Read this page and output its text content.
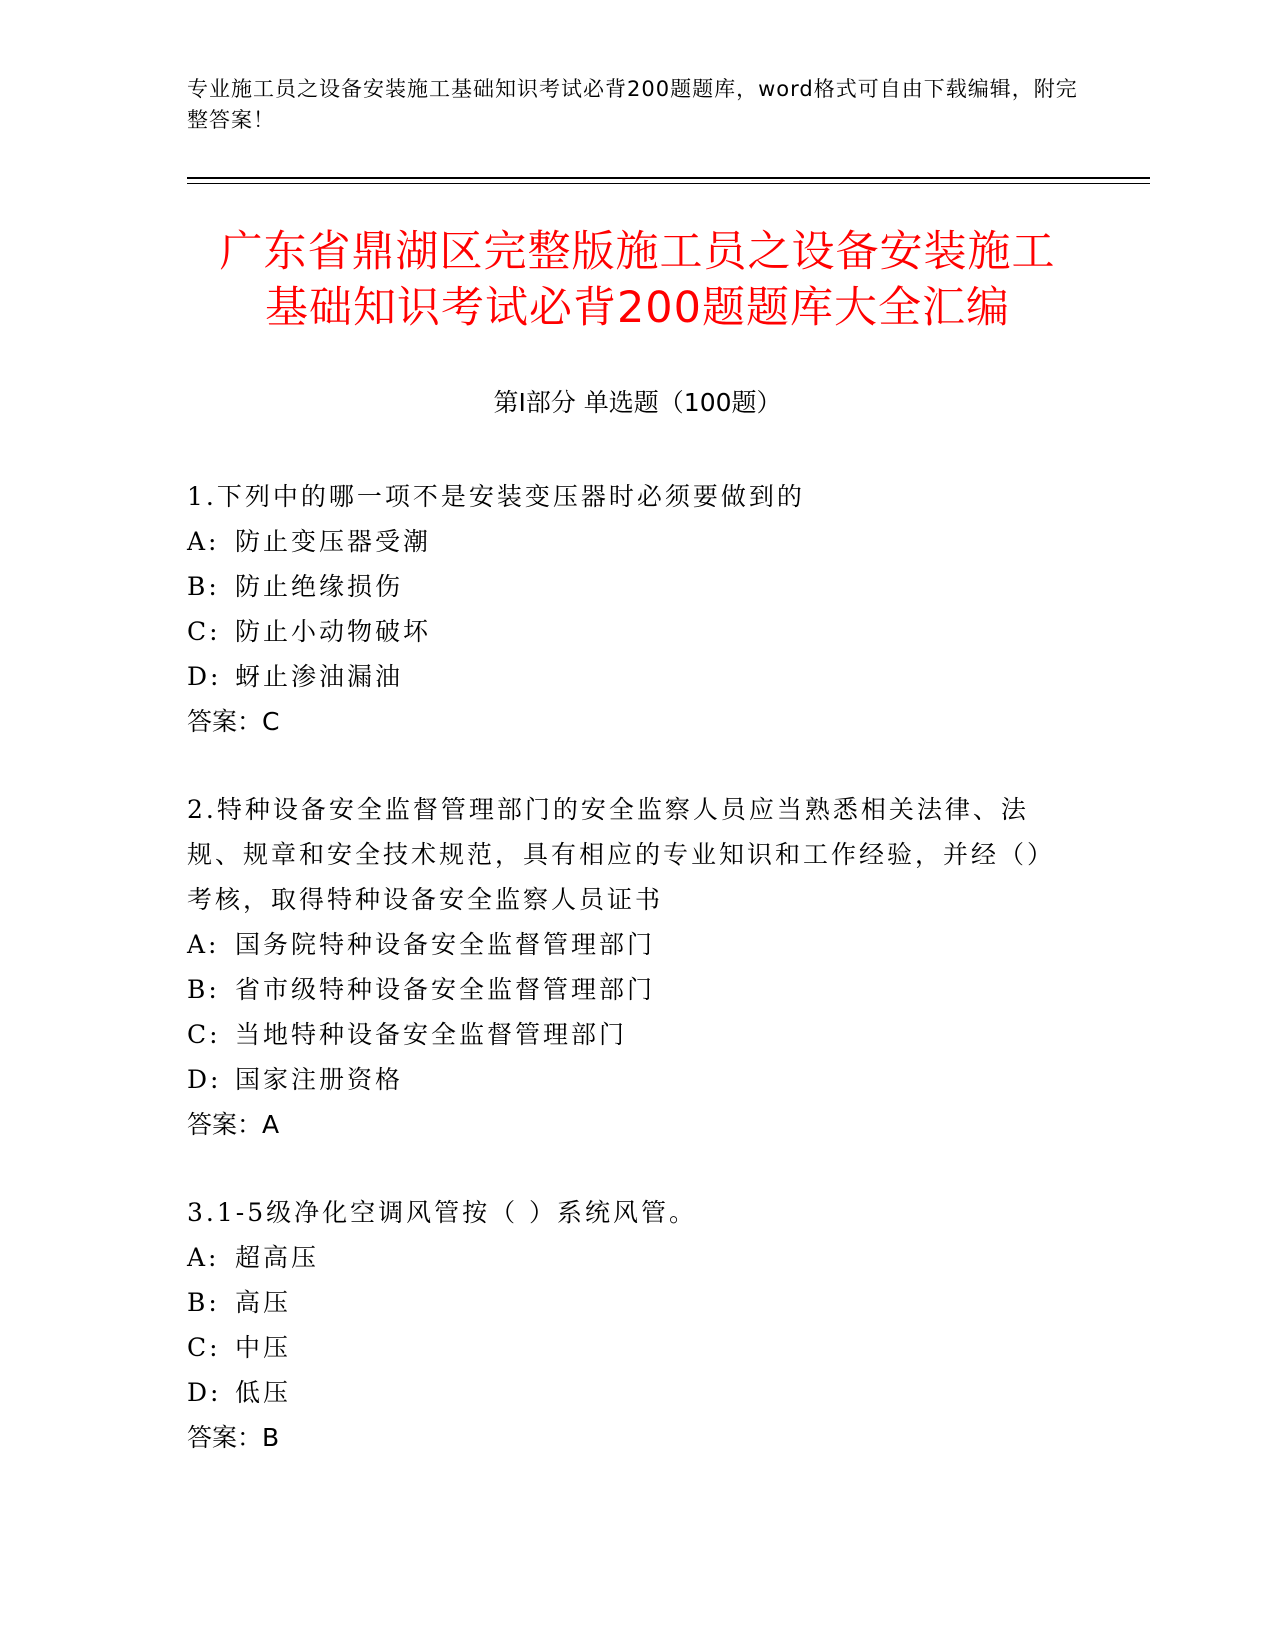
专业施工员之设备安装施工基础知识考试必背200题题库，word格式可自由下载编辑，附完整答案！
广东省鼎湖区完整版施工员之设备安装施工
基础知识考试必背200题题库大全汇编
第I部分 单选题（100题）
1.下列中的哪一项不是安装变压器时必须要做到的
A: 防止变压器受潮
B: 防止绝缘损伤
C: 防止小动物破坏
D: 蚜止渗油漏油
答案：C
2.特种设备安全监督管理部门的安全监察人员应当熟悉相关法律、法规、规章和安全技术规范，具有相应的专业知识和工作经验，并经（）考核，取得特种设备安全监察人员证书
A: 国务院特种设备安全监督管理部门
B: 省市级特种设备安全监督管理部门
C: 当地特种设备安全监督管理部门
D: 国家注册资格
答案：A
3.1-5级净化空调风管按（ ）系统风管。
A: 超高压
B: 高压
C: 中压
D: 低压
答案：B
